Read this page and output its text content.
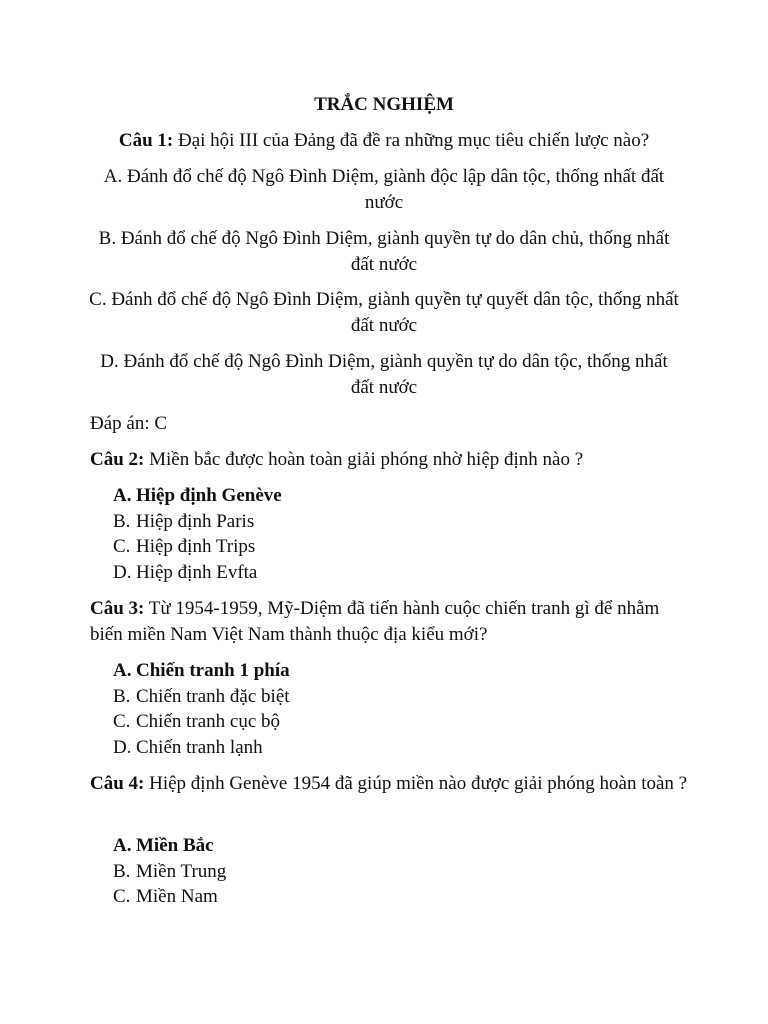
TRẮC NGHIỆM
Câu 1: Đại hội III của Đảng đã đề ra những mục tiêu chiến lược nào?
A. Đánh đổ chế độ Ngô Đình Diệm, giành độc lập dân tộc, thống nhất đất nước
B. Đánh đổ chế độ Ngô Đình Diệm, giành quyền tự do dân chủ, thống nhất đất nước
C. Đánh đổ chế độ Ngô Đình Diệm, giành quyền tự quyết dân tộc, thống nhất đất nước
D. Đánh đổ chế độ Ngô Đình Diệm, giành quyền tự do dân tộc, thống nhất đất nước
Đáp án: C
Câu 2: Miền bắc được hoàn toàn giải phóng nhờ hiệp định nào ?
A. Hiệp định Genève
B. Hiệp định Paris
C. Hiệp định Trips
D. Hiệp định Evfta
Câu 3: Từ 1954-1959, Mỹ-Diệm đã tiến hành cuộc chiến tranh gì để nhằm biến miền Nam Việt Nam thành thuộc địa kiểu mới?
A. Chiến tranh 1 phía
B. Chiến tranh đặc biệt
C. Chiến tranh cục bộ
D. Chiến tranh lạnh
Câu 4: Hiệp định Genève 1954 đã giúp miền nào được giải phóng hoàn toàn ?
A. Miền Bắc
B. Miền Trung
C. Miền Nam
